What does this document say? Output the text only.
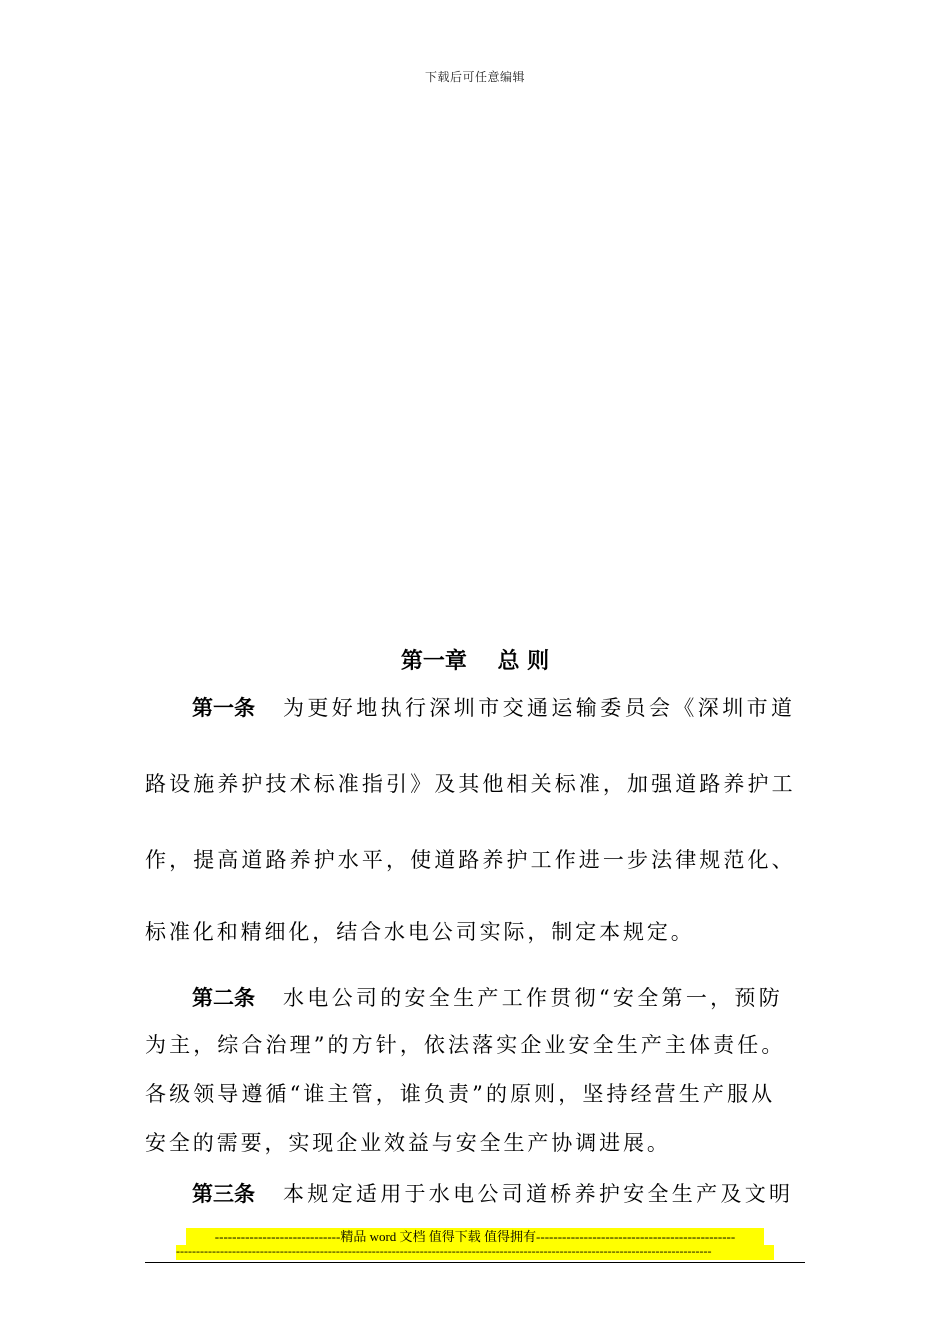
下载后可任意编辑
第一章    总 则
第一条 为更好地执行深圳市交通运输委员会《深圳市道
路设施养护技术标准指引》及其他相关标准，加强道路养护工
作，提高道路养护水平，使道路养护工作进一步法律规范化、
标准化和精细化，结合水电公司实际，制定本规定。
第二条 水电公司的安全生产工作贯彻“安全第一，预防
为主，综合治理”的方针，依法落实企业安全生产主体责任。
各级领导遵循“谁主管，谁负责”的原则，坚持经营生产服从
安全的需要，实现企业效益与安全生产协调进展。
第三条 本规定适用于水电公司道桥养护安全生产及文明
-----------------------------精品 word 文档 值得下载 值得拥有----------------------------------------------
--------------------------------------------------------------------------------------------------------------------------------------
